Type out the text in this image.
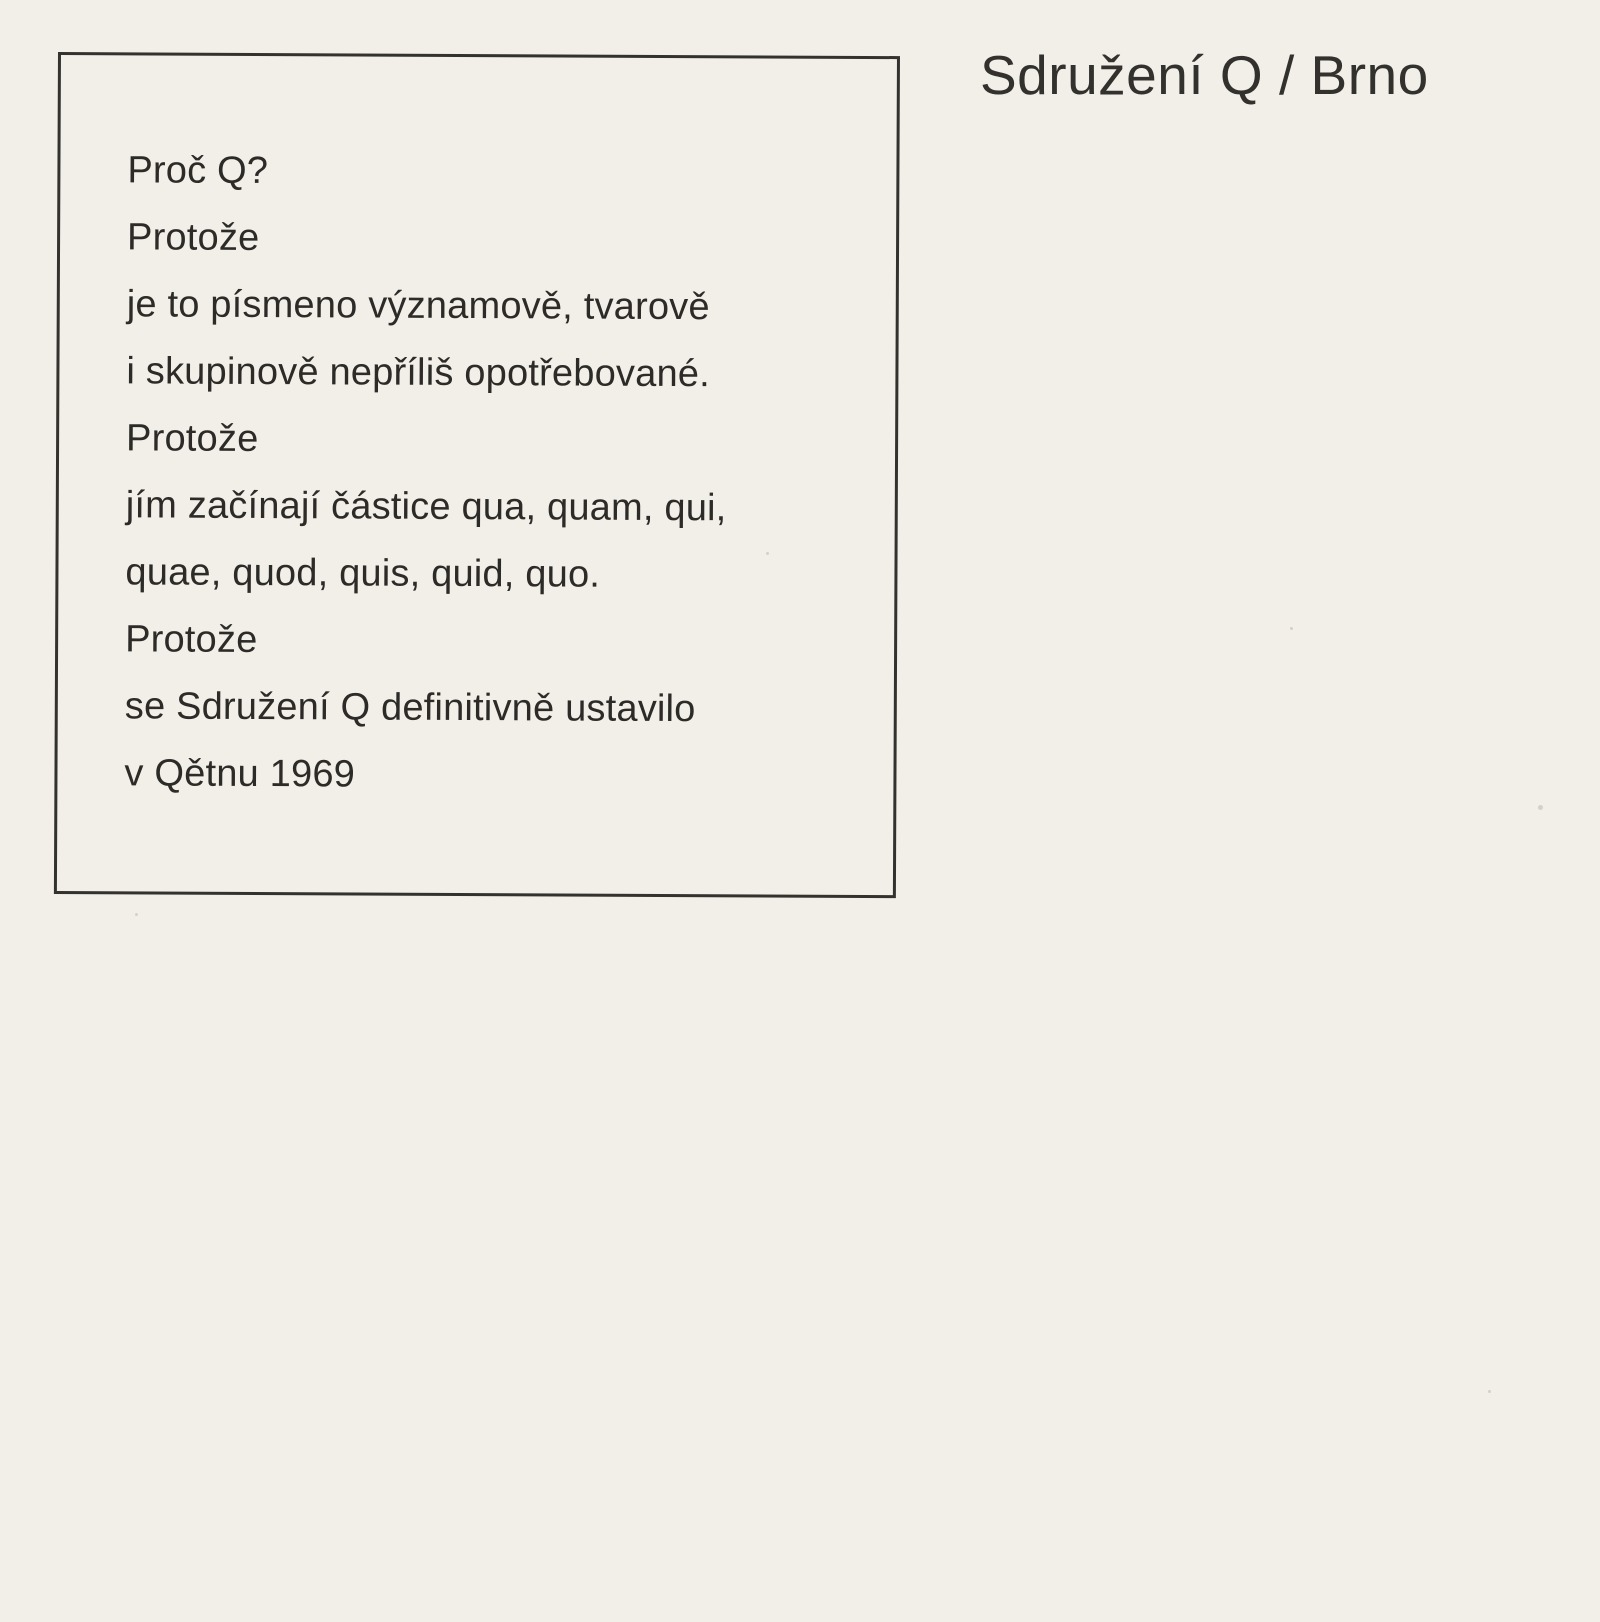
Sdružení Q / Brno
Proč Q?
Protože
je to písmeno významově, tvarově
i skupinově nepříliš opotřebované.
Protože
jím začínají částice qua, quam, qui,
quae, quod, quis, quid, quo.
Protože
se Sdružení Q definitivně ustavilo
v Qětnu 1969
